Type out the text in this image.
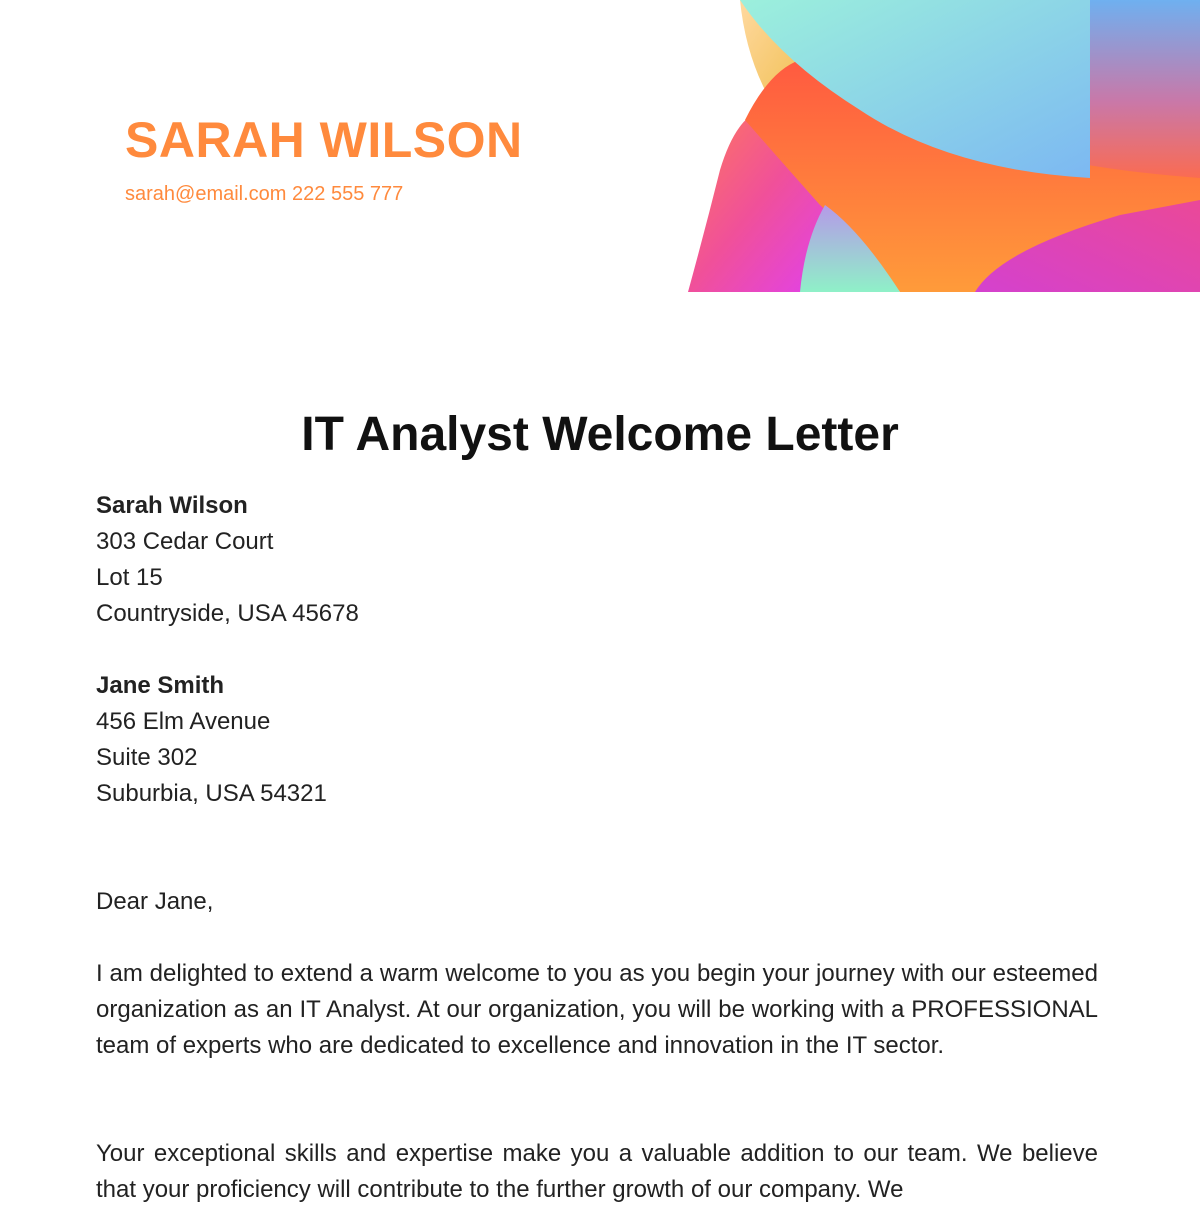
SARAH WILSON
sarah@email.com 222 555 777
IT Analyst Welcome Letter
Sarah Wilson
303 Cedar Court
Lot 15
Countryside, USA 45678
Jane Smith
456 Elm Avenue
Suite 302
Suburbia, USA 54321
Dear Jane,

I am delighted to extend a warm welcome to you as you begin your journey with our esteemed organization as an IT Analyst. At our organization, you will be working with a PROFESSIONAL team of experts who are dedicated to excellence and innovation in the IT sector.

Your exceptional skills and expertise make you a valuable addition to our team. We believe that your proficiency will contribute to the further growth of our company. We
